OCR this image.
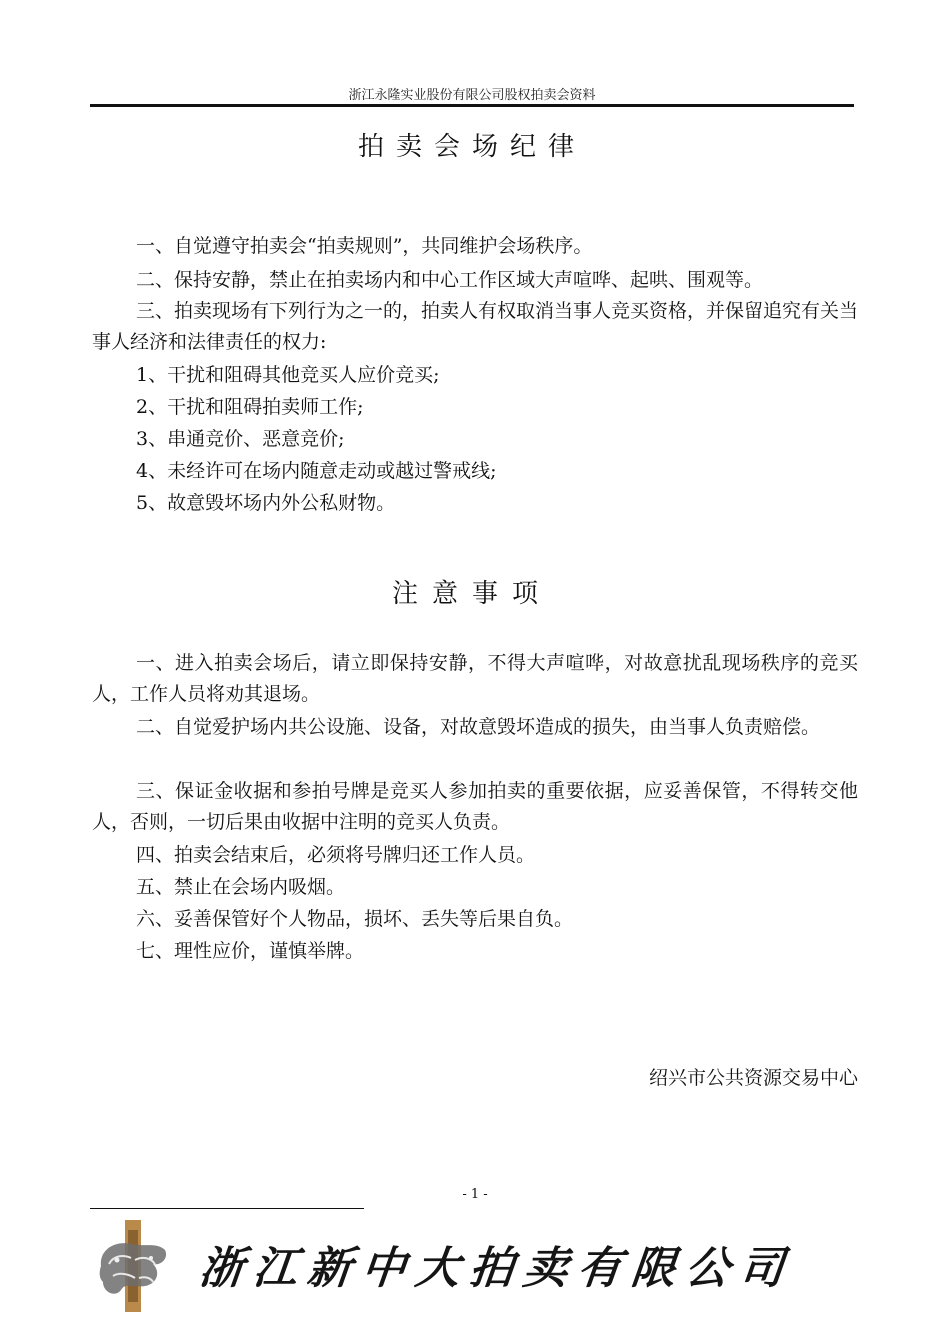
浙江永隆实业股份有限公司股权拍卖会资料
拍卖会场纪律

一、自觉遵守拍卖会“拍卖规则”，共同维护会场秩序。

二、保持安静，禁止在拍卖场内和中心工作区域大声喧哗、起哄、围观等。

三、拍卖现场有下列行为之一的，拍卖人有权取消当事人竞买资格，并保留追究有关当事人经济和法律责任的权力:

1、干扰和阻碍其他竞买人应价竞买;

2、干扰和阻碍拍卖师工作;

3、串通竞价、恶意竞价;

4、未经许可在场内随意走动或越过警戒线;

5、故意毁坏场内外公私财物。

注意事项

一、进入拍卖会场后，请立即保持安静，不得大声喧哗，对故意扰乱现场秩序的竞买人，工作人员将劝其退场。

二、自觉爱护场内共公设施、设备，对故意毁坏造成的损失，由当事人负责赔偿。

三、保证金收据和参拍号牌是竞买人参加拍卖的重要依据，应妥善保管，不得转交他人，否则，一切后果由收据中注明的竞买人负责。

四、拍卖会结束后，必须将号牌归还工作人员。

五、禁止在会场内吸烟。

六、妥善保管好个人物品，损坏、丢失等后果自负。

七、理性应价，谨慎举牌。

绍兴市公共资源交易中心
- 1 -
浙江新中大拍卖有限公司
